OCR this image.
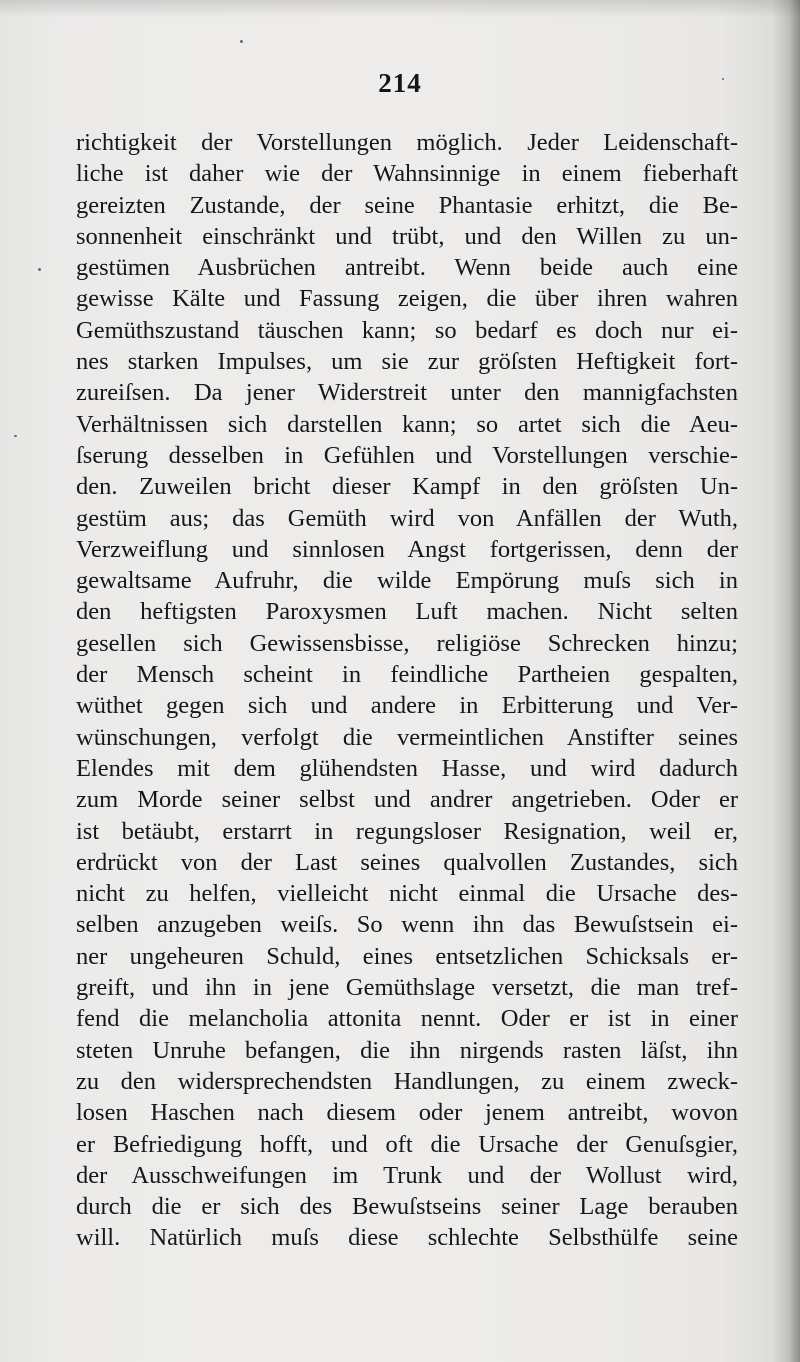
214
richtigkeit der Vorstellungen möglich. Jeder Leidenschaft-
liche ist daher wie der Wahnsinnige in einem fieberhaft
gereizten Zustande, der seine Phantasie erhitzt, die Be-
sonnenheit einschränkt und trübt, und den Willen zu un-
gestümen Ausbrüchen antreibt. Wenn beide auch eine
gewisse Kälte und Fassung zeigen, die über ihren wahren
Gemüthszustand täuschen kann; so bedarf es doch nur ei-
nes starken Impulses, um sie zur gröſsten Heftigkeit fort-
zureiſsen. Da jener Widerstreit unter den mannigfachsten
Verhältnissen sich darstellen kann; so artet sich die Aeu-
ſserung desselben in Gefühlen und Vorstellungen verschie-
den. Zuweilen bricht dieser Kampf in den gröſsten Un-
gestüm aus; das Gemüth wird von Anfällen der Wuth,
Verzweiflung und sinnlosen Angst fortgerissen, denn der
gewaltsame Aufruhr, die wilde Empörung muſs sich in
den heftigsten Paroxysmen Luft machen. Nicht selten
gesellen sich Gewissensbisse, religiöse Schrecken hinzu;
der Mensch scheint in feindliche Partheien gespalten,
wüthet gegen sich und andere in Erbitterung und Ver-
wünschungen, verfolgt die vermeintlichen Anstifter seines
Elendes mit dem glühendsten Hasse, und wird dadurch
zum Morde seiner selbst und andrer angetrieben. Oder er
ist betäubt, erstarrt in regungsloser Resignation, weil er,
erdrückt von der Last seines qualvollen Zustandes, sich
nicht zu helfen, vielleicht nicht einmal die Ursache des-
selben anzugeben weiſs. So wenn ihn das Bewuſstsein ei-
ner ungeheuren Schuld, eines entsetzlichen Schicksals er-
greift, und ihn in jene Gemüthslage versetzt, die man tref-
fend die melancholia attonita nennt. Oder er ist in einer
steten Unruhe befangen, die ihn nirgends rasten läſst, ihn
zu den widersprechendsten Handlungen, zu einem zweck-
losen Haschen nach diesem oder jenem antreibt, wovon
er Befriedigung hofft, und oft die Ursache der Genuſsgier,
der Ausschweifungen im Trunk und der Wollust wird,
durch die er sich des Bewuſstseins seiner Lage berauben
will. Natürlich muſs diese schlechte Selbsthülfe seine
